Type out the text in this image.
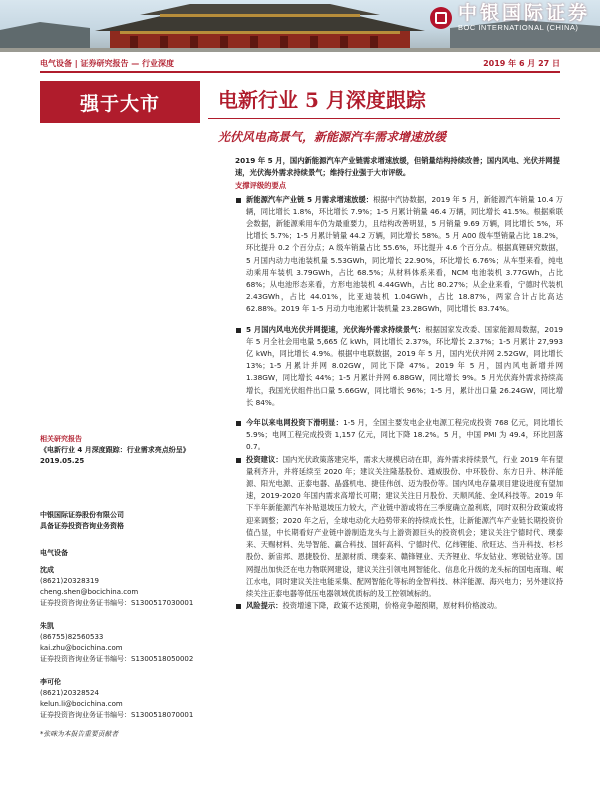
中银国际证券
BOC INTERNATIONAL (CHINA)
电气设备 | 证券研究报告 — 行业深度	2019 年 6 月 27 日
强于大市	电新行业 5 月深度跟踪
光伏风电高景气，新能源汽车需求增速放缓
2019 年 5 月，国内新能源汽车产业链需求增速放缓，但销量结构持续改善；国内风电、光伏并网提速，光伏海外需求持续景气；维持行业强于大市评级。
支撑评级的要点
新能源汽车产业链 5 月需求增速放缓：根据中汽协数据，2019 年 5 月，新能源汽车销量 10.4 万辆，同比增长 1.8%，环比增长 7.9%；1-5 月累计销量 46.4 万辆，同比增长 41.5%。根据乘联会数据，新能源乘用车仍为最重要力，且结构改善明显，5 月销量 9.69 万辆，同比增长 5%，环比增长 5.7%；1-5 月累计销量 44.2 万辆，同比增长 58%。5 月 A00 级车型销量占比 18.2%，环比提升 0.2 个百分点；A 级车销量占比 55.6%，环比提升 4.6 个百分点。根据真锂研究数据，5 月国内动力电池装机量 5.53GWh，同比增长 22.90%，环比增长 6.76%；从车型来看，纯电动乘用车装机 3.79GWh，占比 68.5%；从材料体系来看，NCM 电池装机 3.77GWh，占比 68%；从电池形态来看，方形电池装机 4.44GWh，占比 80.27%；从企业来看，宁德时代装机 2.43GWh，占比 44.01%，比亚迪装机 1.04GWh，占比 18.87%，两家合计占比高达 62.88%。2019 年 1-5 月动力电池累计装机量 23.28GWh，同比增长 83.74%。
5 月国内风电光伏并网提速，光伏海外需求持续景气：根据国家发改委、国家能源局数据，2019 年 5 月全社会用电量 5,665 亿 kWh，同比增长 2.37%，环比增长 2.37%；1-5 月累计 27,993 亿 kWh，同比增长 4.9%。根据中电联数据，2019 年 5 月，国内光伏并网 2.52GW，同比增长 13%；1-5 月累计并网 8.02GW，同比下降 47%。2019 年 5 月，国内风电新增并网 1.38GW，同比增长 44%；1-5 月累计并网 6.88GW，同比增长 9%。5 月光伏海外需求持续高增长，我国光伏组件出口量 5.66GW，同比增长 96%；1-5 月，累计出口量 26.24GW，同比增长 84%。
今年以来电网投资下滑明显：1-5 月，全国主要发电企业电源工程完成投资 768 亿元，同比增长 5.9%；电网工程完成投资 1,157 亿元，同比下降 18.2%。5 月，中国 PMI 为 49.4，环比回落 0.7。
投资建议：国内光伏政策落建完毕，需求大规模启动在即，海外需求持续景气，行业 2019 年有望量利齐升，并将延续至 2020 年；建议关注隆基股份、通威股份、中环股份、东方日升、林洋能源、阳光电源、正泰电器、晶盛机电、捷佳伟创、迈为股份等。国内风电存量项目建设进度有望加速，2019-2020 年国内需求高增长可期；建议关注日月股份、天顺风能、金风科技等。2019 年下半年新能源汽车补贴退坡压力较大，产业链中游或将在三季度确立盈利底，同时双积分政策或将迎来调整；2020 年之后，全球电动化大趋势带来的持续成长性，让新能源汽车产业链长期投资价值凸显，中长期看好产业链中游制造龙头与上游资源巨头的投资机会；建议关注宁德时代、璞泰来、天赐材料、先导智能、赢合科技、国轩高科、宁德时代、亿纬锂能、欣旺达、当升科技、杉杉股份、新宙邦、恩捷股份、星源材质、璞泰来、赣锋锂业、天齐锂业、华友钴业、寒锐钴业等。国网提出加快泛在电力物联网建设，建议关注引领电网智能化、信息化升级的龙头标的国电南瑞、岷江水电，同时建议关注电能采集、配网智能化等标的金智科技、林洋能源、海兴电力；另外建议持续关注正泰电器等低压电器领域优质标的及工控领域标的。
风险提示：投资增速下降，政策不达预期，价格竞争超预期，原材料价格波动。
相关研究报告
《电新行业 4 月深度跟踪：行业需求亮点纷呈》
2019.05.25
中银国际证券股份有限公司
具备证券投资咨询业务资格
电气设备
沈成
(8621)20328319
cheng.shen@bocichina.com
证券投资咨询业务证书编号：S1300517030001
朱凯
(86755)82560533
kai.zhu@bocichina.com
证券投资咨询业务证书编号：S1300518050002
李可伦
(8621)20328524
kelun.li@bocichina.com
证券投资咨询业务证书编号：S1300518070001
*张咪为本报告重要贡献者
